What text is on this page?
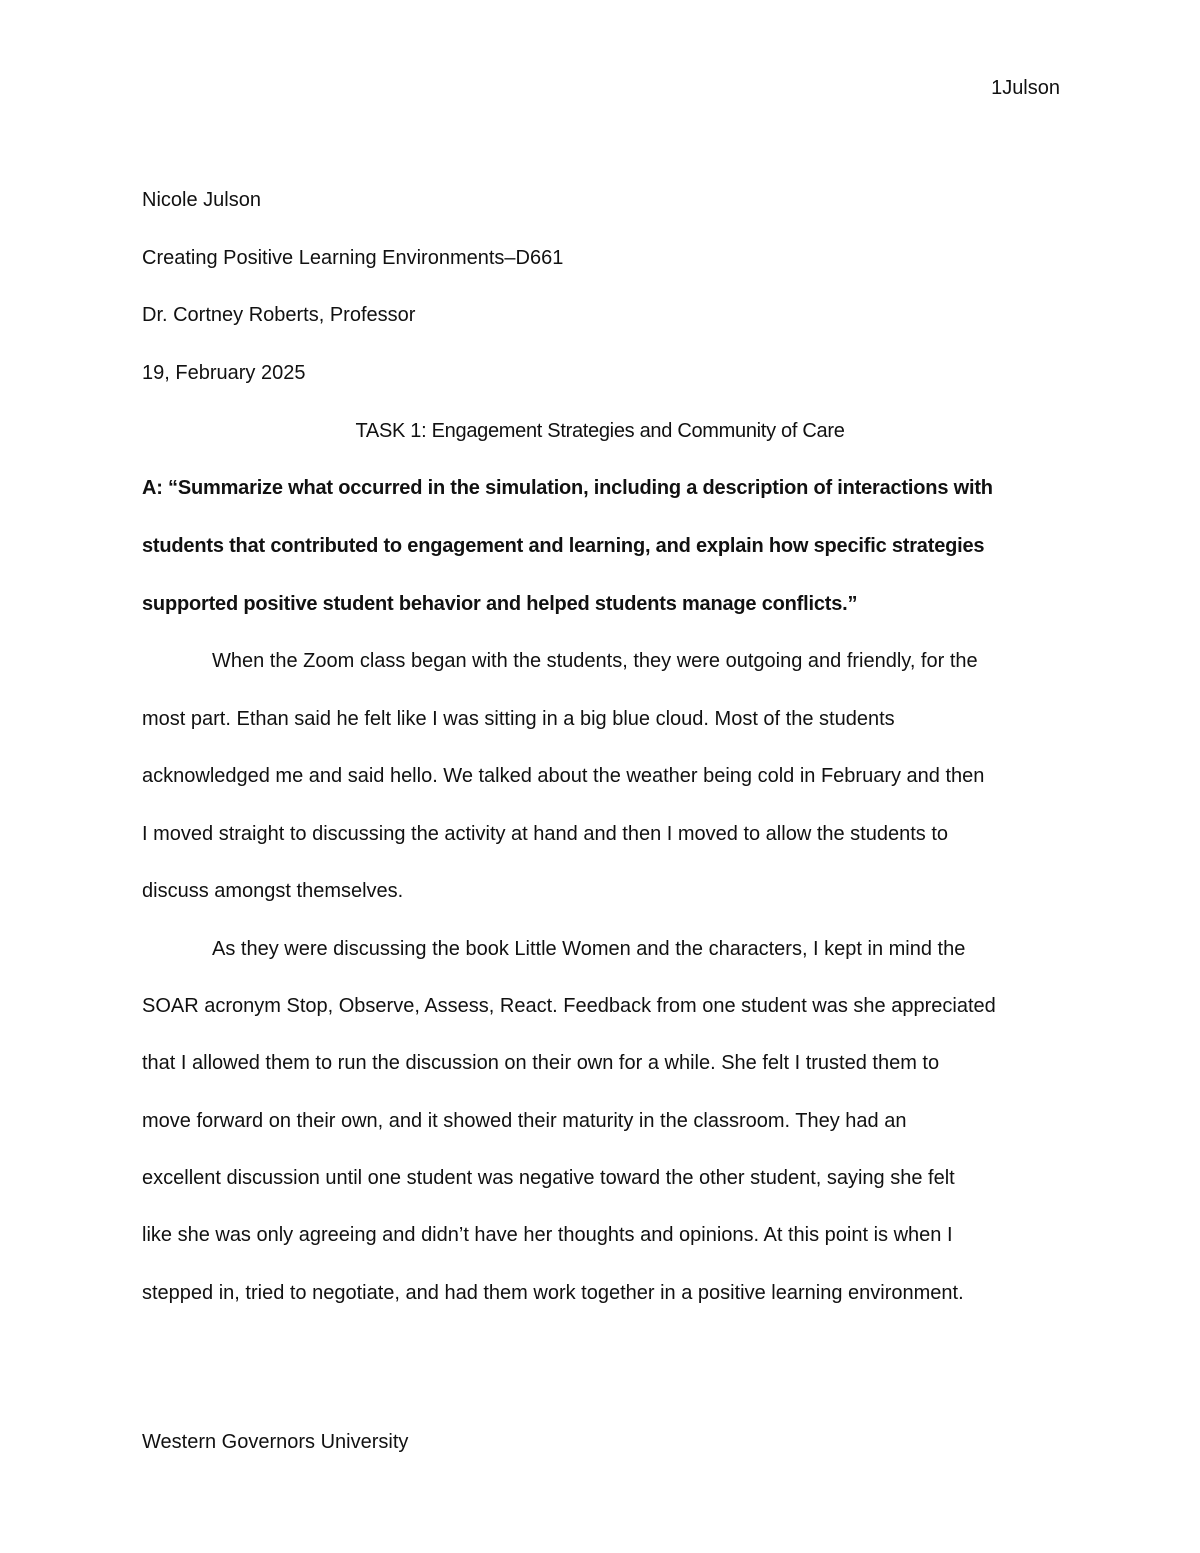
1Julson
Nicole Julson
Creating Positive Learning Environments–D661
Dr. Cortney Roberts, Professor
19, February 2025
TASK 1: Engagement Strategies and Community of Care
A: “Summarize what occurred in the simulation, including a description of interactions with
students that contributed to engagement and learning, and explain how specific strategies
supported positive student behavior and helped students manage conflicts.”
When the Zoom class began with the students, they were outgoing and friendly, for the
most part. Ethan said he felt like I was sitting in a big blue cloud. Most of the students
acknowledged me and said hello. We talked about the weather being cold in February and then
I moved straight to discussing the activity at hand and then I moved to allow the students to
discuss amongst themselves.
As they were discussing the book Little Women and the characters, I kept in mind the
SOAR acronym Stop, Observe, Assess, React. Feedback from one student was she appreciated
that I allowed them to run the discussion on their own for a while. She felt I trusted them to
move forward on their own, and it showed their maturity in the classroom. They had an
excellent discussion until one student was negative toward the other student, saying she felt
like she was only agreeing and didn’t have her thoughts and opinions. At this point is when I
stepped in, tried to negotiate, and had them work together in a positive learning environment.
Western Governors University
